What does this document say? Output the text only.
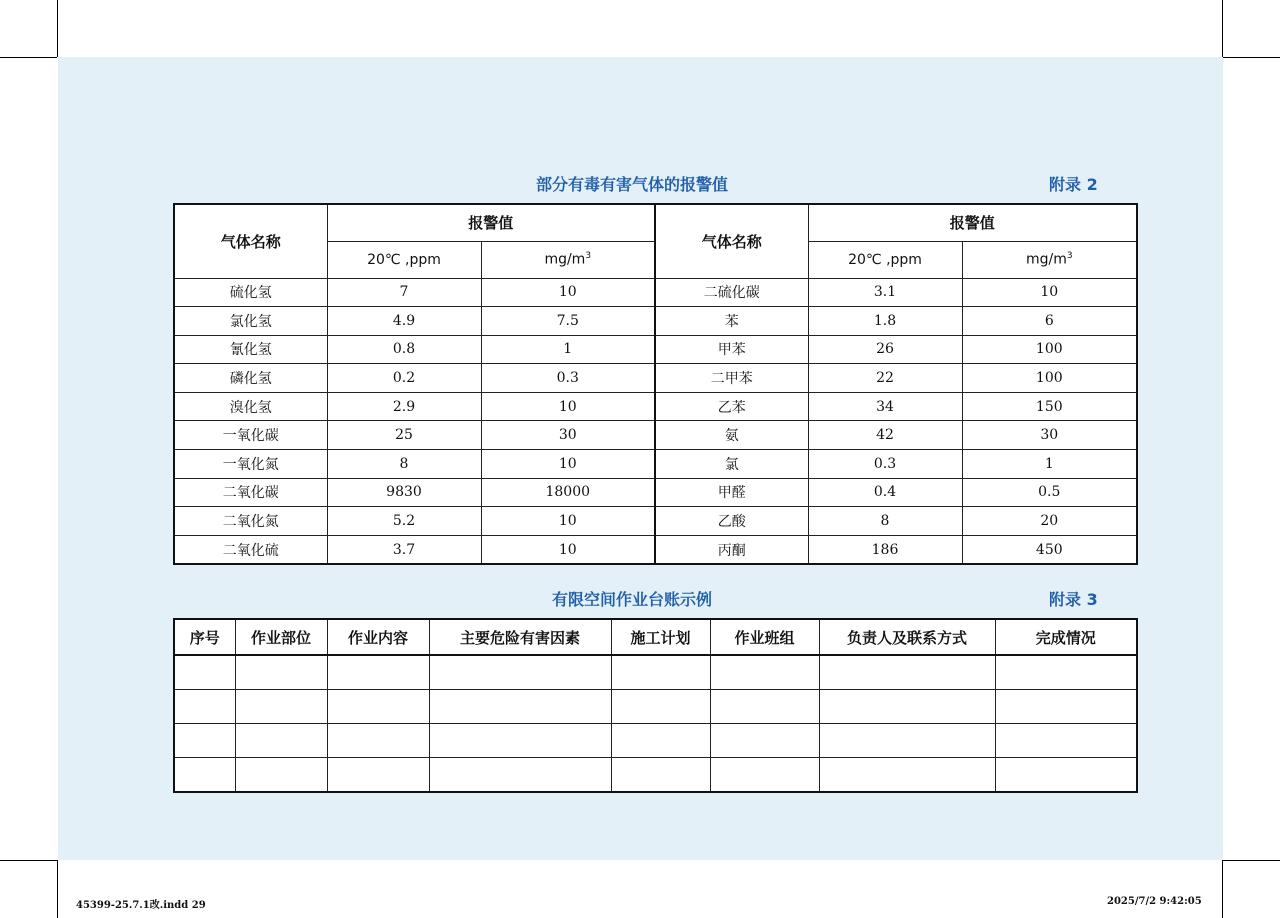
部分有毒有害气体的报警值	附录 2
气体名称	报警值		气体名称	报警值	
	20℃ ,ppm	$mg/m^3$		20℃ ,ppm	$mg/m^3$
硫化氢	7	10	二硫化碳	3.1	10
氯化氢	4.9	7.5	苯	1.8	6
氰化氢	0.8	1	甲苯	26	100
磷化氢	0.2	0.3	二甲苯	22	100
溴化氢	2.9	10	乙苯	34	150
一氧化碳	25	30	氨	42	30
一氧化氮	8	10	氯	0.3	1
二氧化碳	9830	18000	甲醛	0.4	0.5
二氧化氮	5.2	10	乙酸	8	20
二氧化硫	3.7	10	丙酮	186	450
有限空间作业台账示例	附录 3
序号	作业部位	作业内容	主要危险有害因素	施工计划	作业班组	负责人及联系方式	完成情况

45399-25.7.1改.indd 29	2025/7/2 9:42:05
